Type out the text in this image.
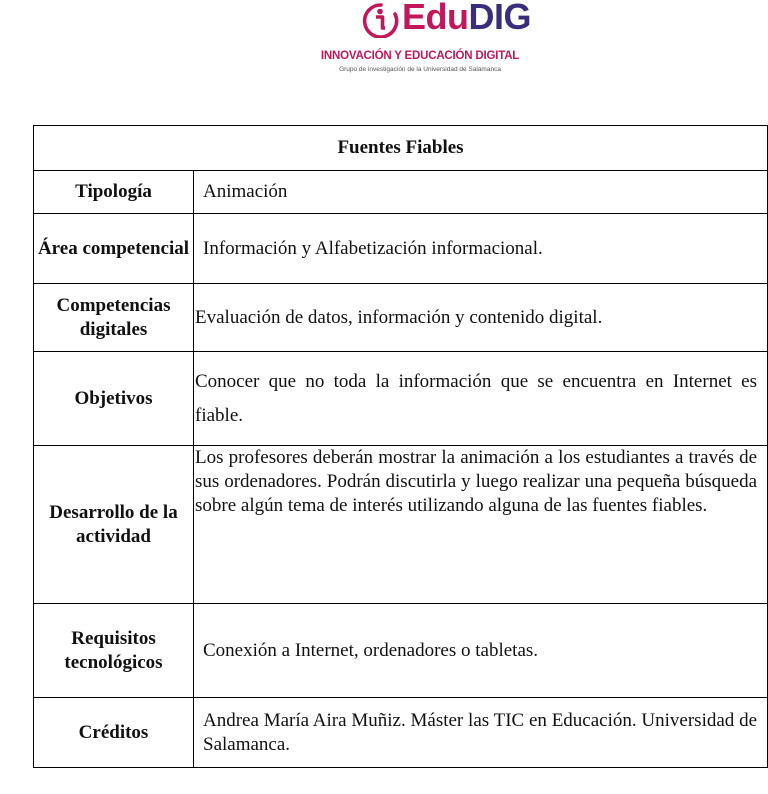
EduDIG
INNOVACIÓN Y EDUCACIÓN DIGITAL
Grupo de investigación de la Universidad de Salamanca
Fuentes Fiables	
Tipología	Animación
Área competencial	Información y Alfabetización informacional.
Competencias digitales	Evaluación de datos, información y contenido digital.
Objetivos	Conocer que no toda la información que se encuentra en Internet es fiable.
Desarrollo de la actividad	Los profesores deberán mostrar la animación a los estudiantes a través de sus ordenadores. Podrán discutirla y luego realizar una pequeña búsqueda sobre algún tema de interés utilizando alguna de las fuentes fiables.
Requisitos tecnológicos	Conexión a Internet, ordenadores o tabletas.
Créditos	Andrea María Aira Muñiz. Máster las TIC en Educación. Universidad de Salamanca.
